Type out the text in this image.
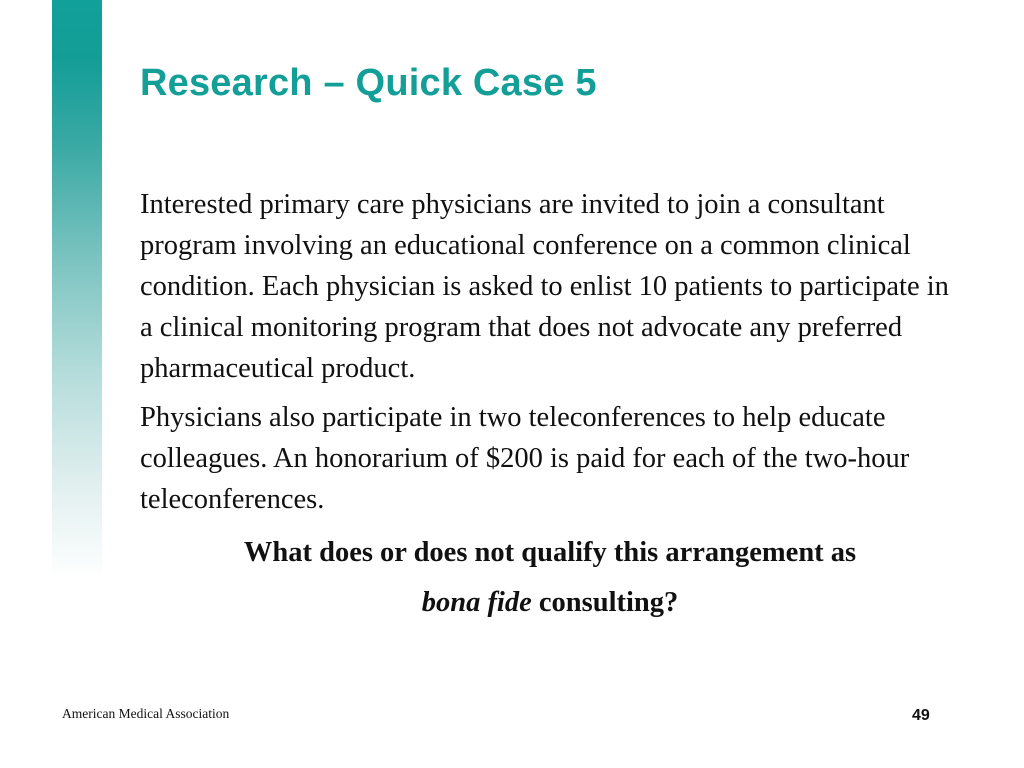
Research – Quick Case 5

Interested primary care physicians are invited to join a consultant program involving an educational conference on a common clinical condition. Each physician is asked to enlist 10 patients to participate in a clinical monitoring program that does not advocate any preferred pharmaceutical product.

Physicians also participate in two teleconferences to help educate colleagues. An honorarium of $200 is paid for each of the two-hour teleconferences.

What does or does not qualify this arrangement as
bona fide consulting?
American Medical Association	49
